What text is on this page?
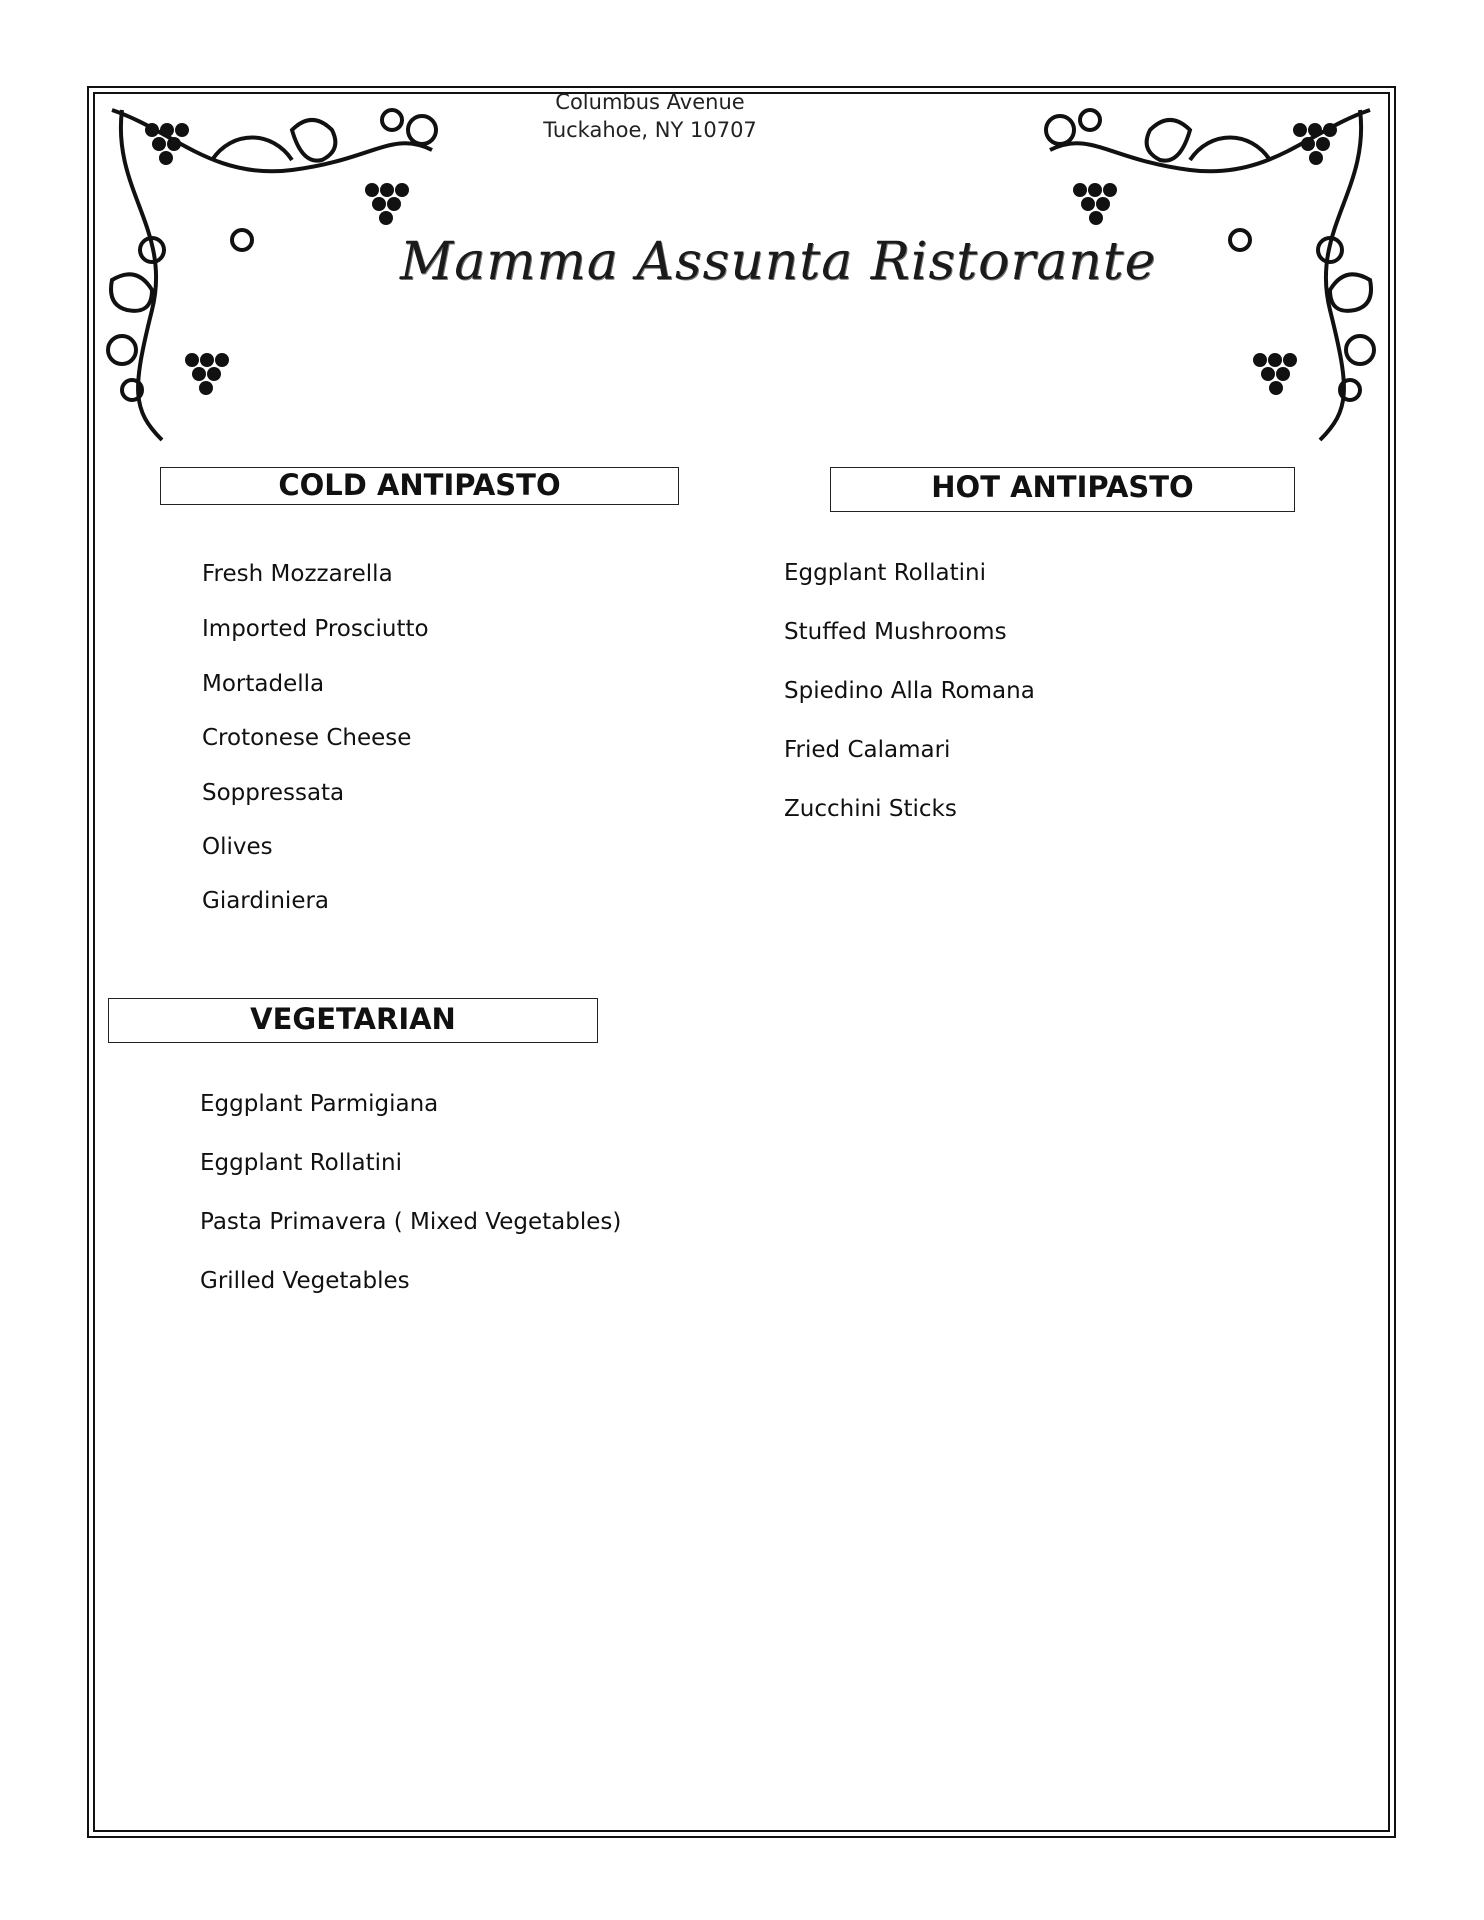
Columbus Avenue
Tuckahoe, NY 10707
Mamma Assunta Ristorante
COLD ANTIPASTO	HOT ANTIPASTO
VEGETARIAN
Fresh Mozzarella
Imported Prosciutto
Mortadella
Crotonese Cheese
Soppressata
Olives
Giardiniera
Eggplant Rollatini
Stuffed Mushrooms
Spiedino Alla Romana
Fried Calamari
Zucchini Sticks
Eggplant Parmigiana
Eggplant Rollatini
Pasta Primavera ( Mixed Vegetables)
Grilled Vegetables
